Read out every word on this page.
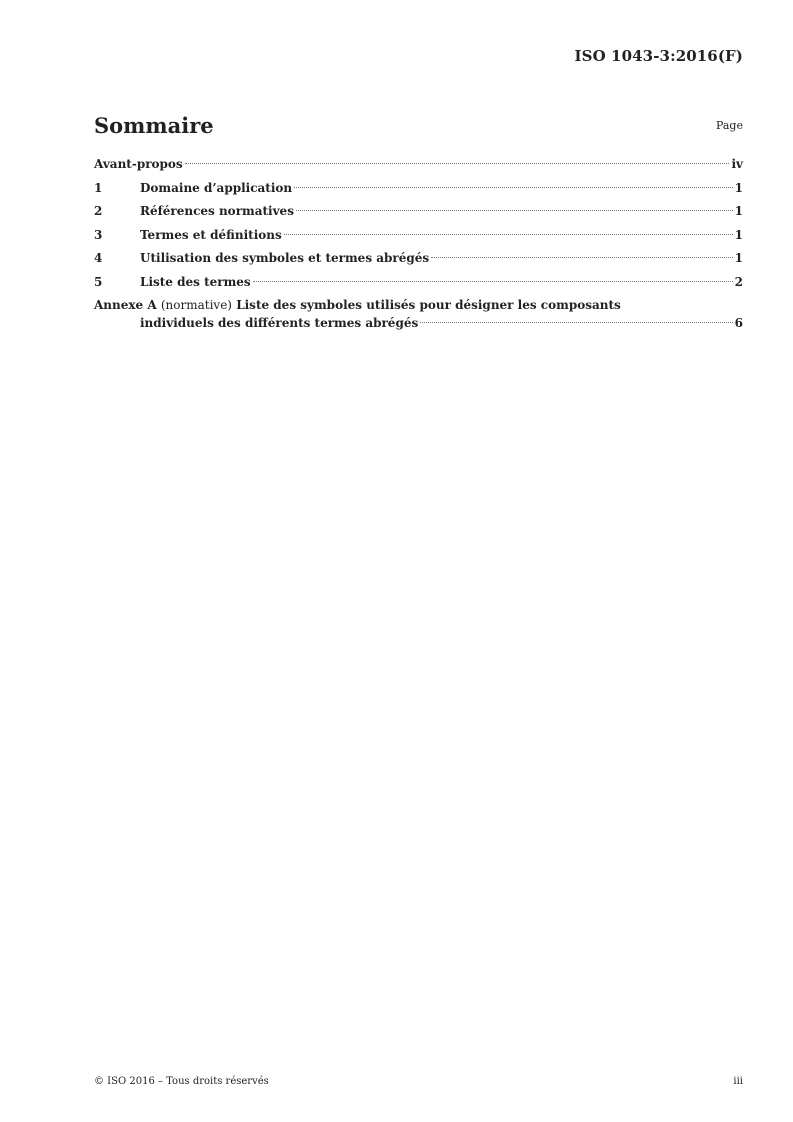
ISO 1043-3:2016(F)
Sommaire	Page
Avant-propos	iv
1	Domaine d’application	1
2	Références normatives	1
3	Termes et définitions	1
4	Utilisation des symboles et termes abrégés	1
5	Liste des termes	2
Annexe A (normative) Liste des symboles utilisés pour désigner les composants
individuels des différents termes abrégés	6
© ISO 2016 – Tous droits réservés	iii
